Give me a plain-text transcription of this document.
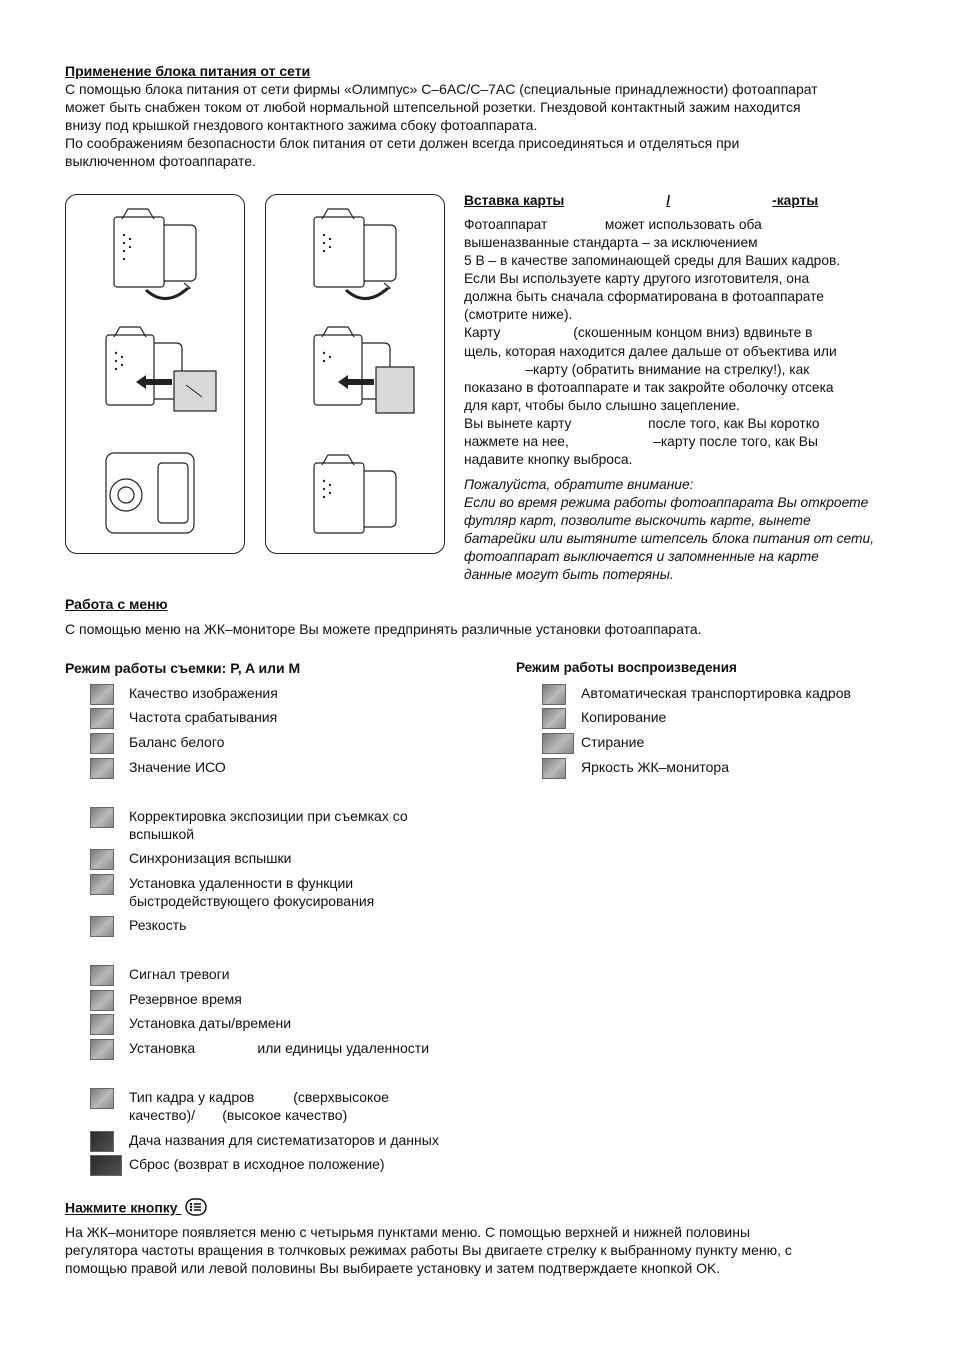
Применение блока питания от сети
С помощью блока питания от сети фирмы «Олимпус» C–6AC/C–7AC (специальные принадлежности) фотоаппарат
может быть снабжен током от любой нормальной штепсельной розетки. Гнездовой контактный зажим находится
внизу под крышкой гнездового контактного зажима сбоку фотоаппарата.
По соображениям безопасности блок питания от сети должен всегда присоединяться и отделяться при
выключенном фотоаппарате.
Вставка карты	/	-карты
Фотоаппарат               может использовать оба
вышеназванные стандарта – за исключением
5 В – в качестве запоминающей среды для Ваших кадров.
Если Вы используете карту другого изготовителя, она
должна быть сначала сформатирована в фотоаппарате
(смотрите ниже).
Карту                   (скошенным концом вниз) вдвиньте в
щель, которая находится далее дальше от объектива или
–карту (обратить внимание на стрелку!), как
показано в фотоаппарате и так закройте оболочку отсека
для карт, чтобы было слышно зацепление.
Вы вынете карту                    после того, как Вы коротко
нажмете на нее,                      –карту после того, как Вы
надавите кнопку выброса.
Пожалуйста, обратите внимание:
Если во время режима работы фотоаппарата Вы откроете
футляр карт, позволите выскочить карте, вынете
батарейки или вытяните штепсель блока питания от сети,
фотоаппарат выключается и запомненные на карте
данные могут быть потеряны.
Работа с меню
С помощью меню на ЖК–мониторе Вы можете предпринять различные установки фотоаппарата.
Режим работы съемки: P, A или M	Режим работы воспроизведения
Качество изображения
Частота срабатывания
Баланс белого
Значение ИСО
Корректировка экспозиции при съемках со
вспышкой
Синхронизация вспышки
Установка удаленности в функции
быстродействующего фокусирования
Резкость
Сигнал тревоги
Резервное время
Установка даты/времени
Установка                или единицы удаленности
Тип кадра у кадров          (сверхвысокое
качество)/       (высокое качество)
Дача названия для систематизаторов и данных
Сброс (возврат в исходное положение)
Автоматическая транспортировка кадров
Копирование
Стирание
Яркость ЖК–монитора
Нажмите кнопку
На ЖК–мониторе появляется меню с четырьмя пунктами меню. С помощью верхней и нижней половины
регулятора частоты вращения в толчковых режимах работы Вы двигаете стрелку к выбранному пункту меню, с
помощью правой или левой половины Вы выбираете установку и затем подтверждаете кнопкой OK.
